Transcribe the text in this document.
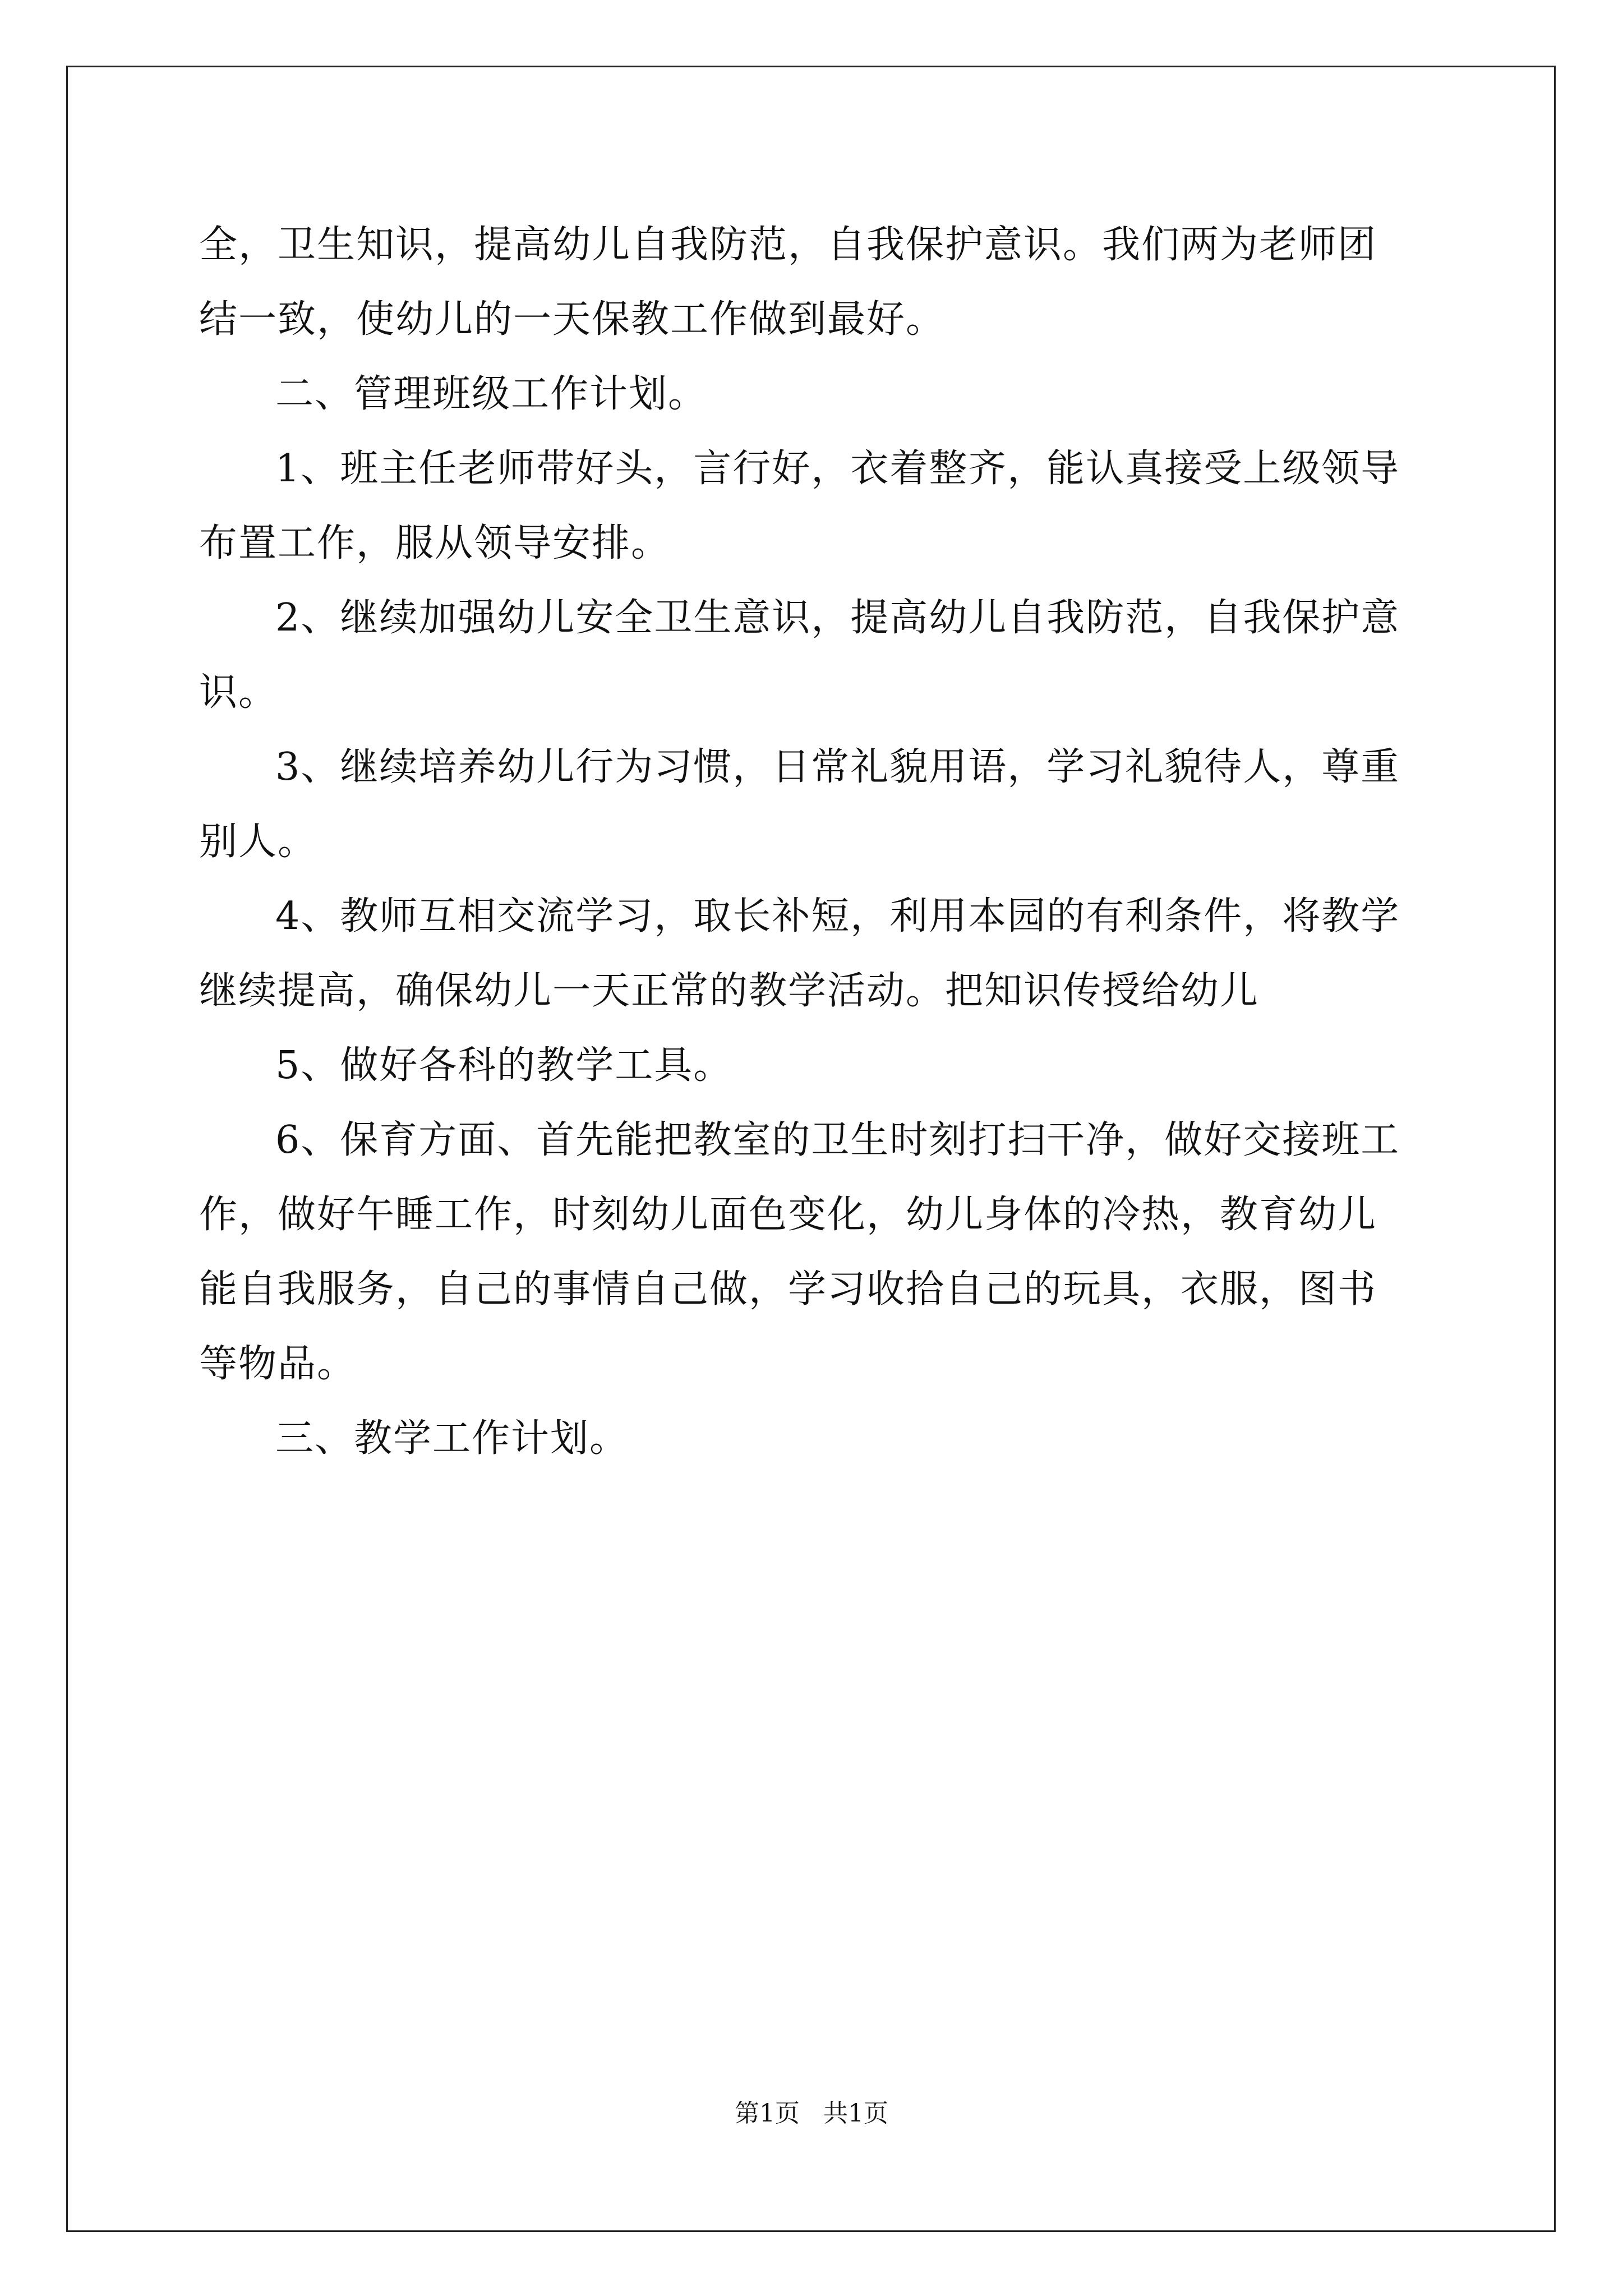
全，卫生知识，提高幼儿自我防范，自我保护意识。我们两为老师团
结一致，使幼儿的一天保教工作做到最好。
二、管理班级工作计划。
1、班主任老师带好头，言行好，衣着整齐，能认真接受上级领导
布置工作，服从领导安排。
2、继续加强幼儿安全卫生意识，提高幼儿自我防范，自我保护意
识。
3、继续培养幼儿行为习惯，日常礼貌用语，学习礼貌待人，尊重
别人。
4、教师互相交流学习，取长补短，利用本园的有利条件，将教学
继续提高，确保幼儿一天正常的教学活动。把知识传授给幼儿
5、做好各科的教学工具。
6、保育方面、首先能把教室的卫生时刻打扫干净，做好交接班工
作，做好午睡工作，时刻幼儿面色变化，幼儿身体的冷热，教育幼儿
能自我服务，自己的事情自己做，学习收拾自己的玩具，衣服，图书
等物品。
三、教学工作计划。
第1页 共1页
